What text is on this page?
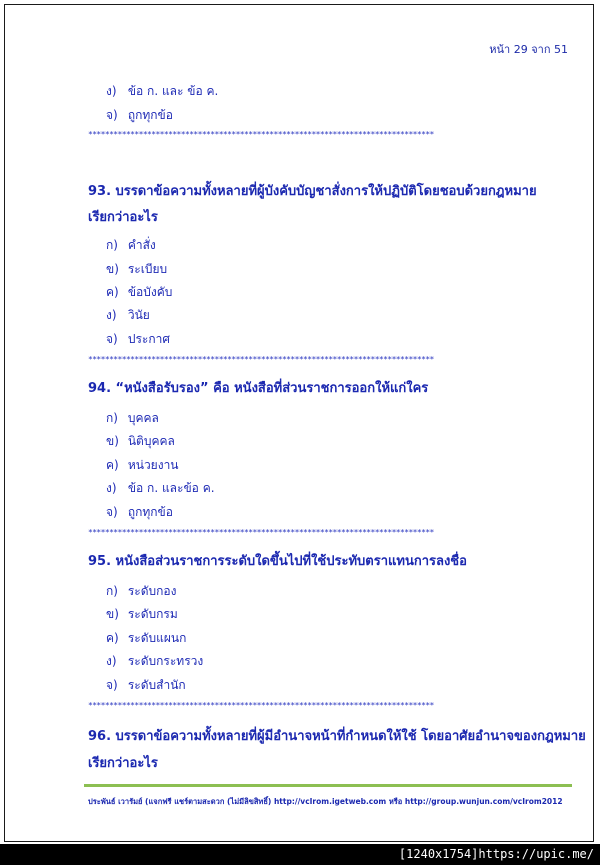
หน้า 29 จาก 51
ง) ข้อ ก. และ ข้อ ค.
จ) ถูกทุกข้อ
**********************************************************************************
93. บรรดาข้อความทั้งหลายที่ผู้บังคับบัญชาสั่งการให้ปฏิบัติโดยชอบด้วยกฎหมาย
เรียกว่าอะไร
ก) คำสั่ง
ข) ระเบียบ
ค) ข้อบังคับ
ง) วินัย
จ) ประกาศ
**********************************************************************************
94. “หนังสือรับรอง” คือ หนังสือที่ส่วนราชการออกให้แก่ใคร
ก) บุคคล
ข) นิติบุคคล
ค) หน่วยงาน
ง) ข้อ ก. และข้อ ค.
จ) ถูกทุกข้อ
**********************************************************************************
95. หนังสือส่วนราชการระดับใดขึ้นไปที่ใช้ประทับตราแทนการลงชื่อ
ก) ระดับกอง
ข) ระดับกรม
ค) ระดับแผนก
ง) ระดับกระทรวง
จ) ระดับสำนัก
**********************************************************************************
96. บรรดาข้อความทั้งหลายที่ผู้มีอำนาจหน้าที่กำหนดให้ใช้ โดยอาศัยอำนาจของกฎหมาย
เรียกว่าอะไร
ประพันธ์ เวารัมย์ (แจกฟรี แชร์ตามสะดวก (ไม่มีลิขสิทธิ์) http://vcIrom.igetweb.com หรือ http://group.wunjun.com/vcIrom2012
[1240x1754]https://upic.me/
